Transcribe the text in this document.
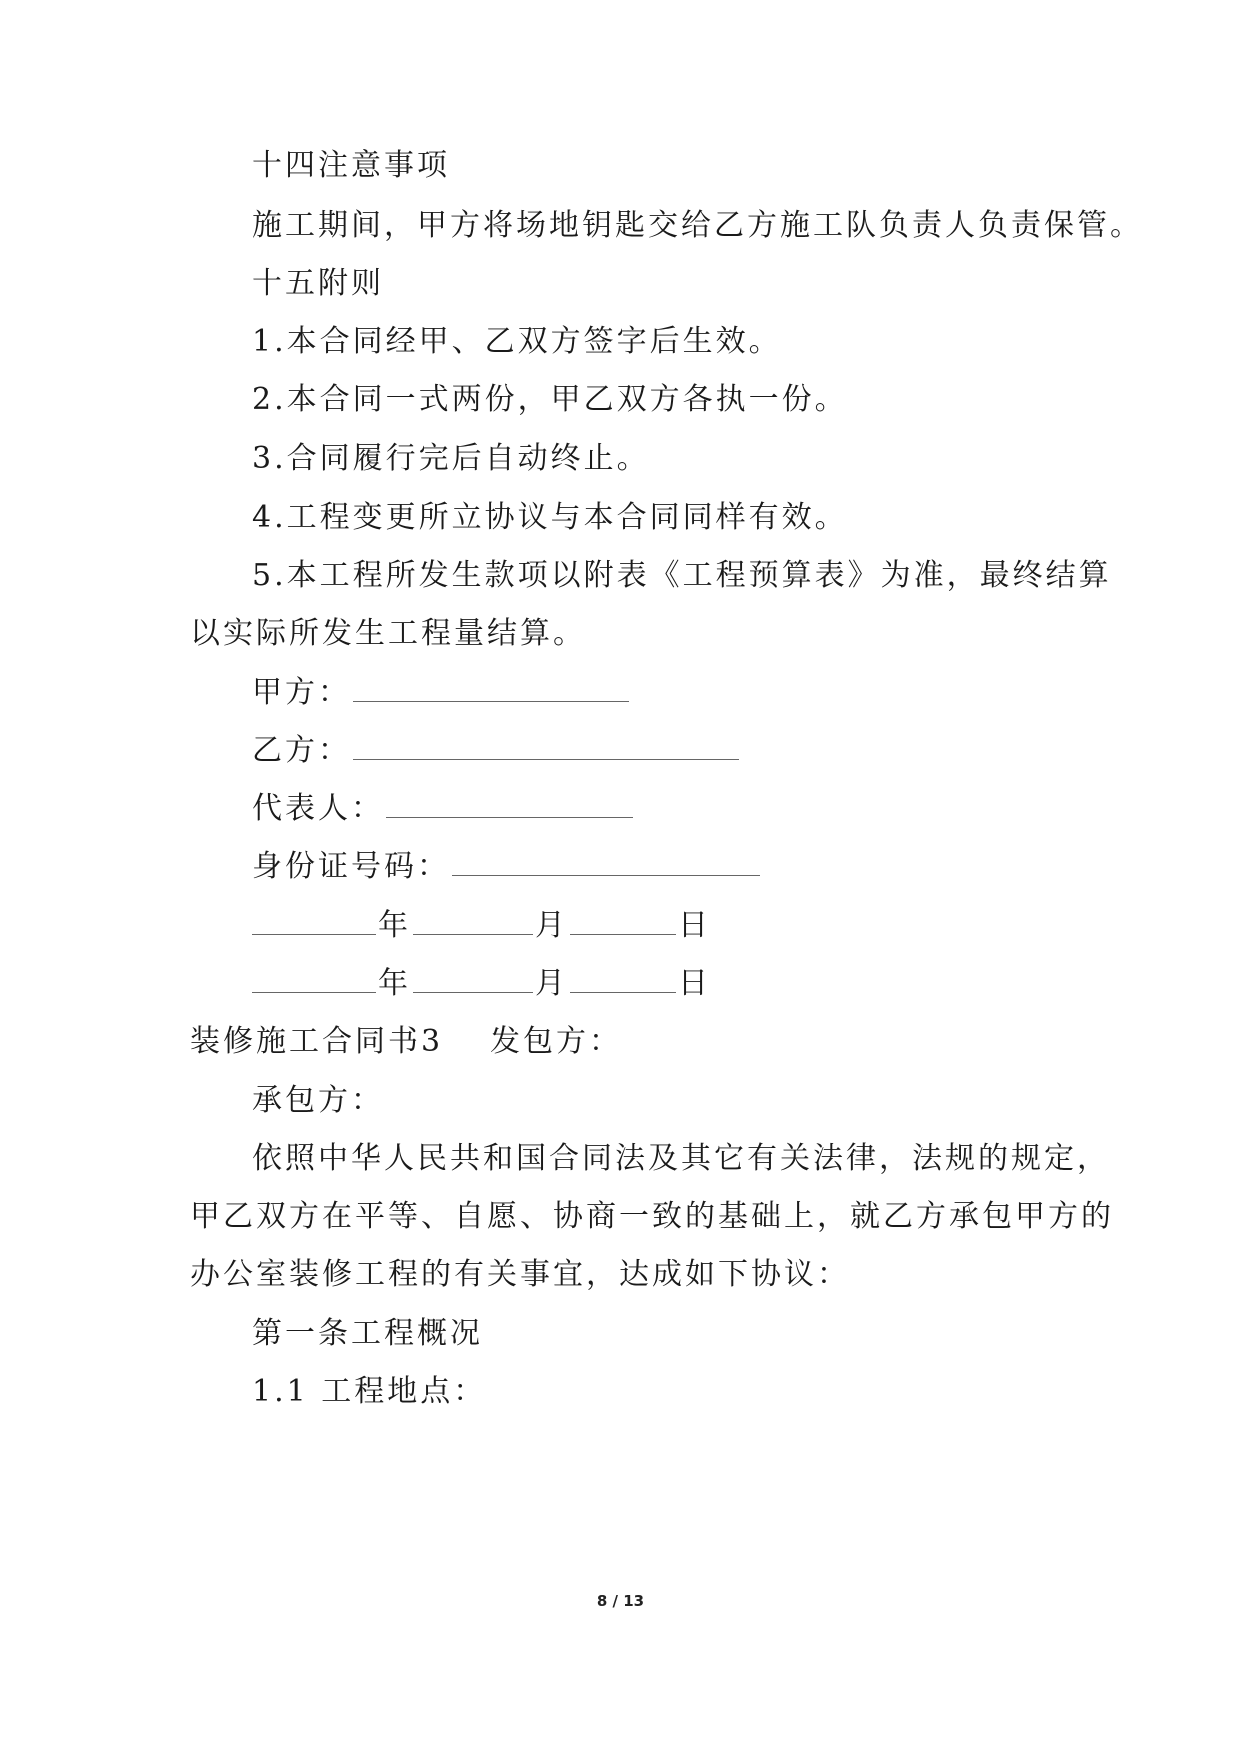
十四注意事项
施工期间，甲方将场地钥匙交给乙方施工队负责人负责保管。
十五附则
1.本合同经甲、乙双方签字后生效。
2.本合同一式两份，甲乙双方各执一份。
3.合同履行完后自动终止。
4.工程变更所立协议与本合同同样有效。
5.本工程所发生款项以附表《工程预算表》为准，最终结算
以实际所发生工程量结算。
甲方：
乙方：
代表人：
身份证号码：
年	月	日
年	月	日
装修施工合同书3 发包方：
承包方：
依照中华人民共和国合同法及其它有关法律，法规的规定，
甲乙双方在平等、自愿、协商一致的基础上，就乙方承包甲方的
办公室装修工程的有关事宜，达成如下协议：
第一条工程概况
1.1 工程地点：
8 / 13
